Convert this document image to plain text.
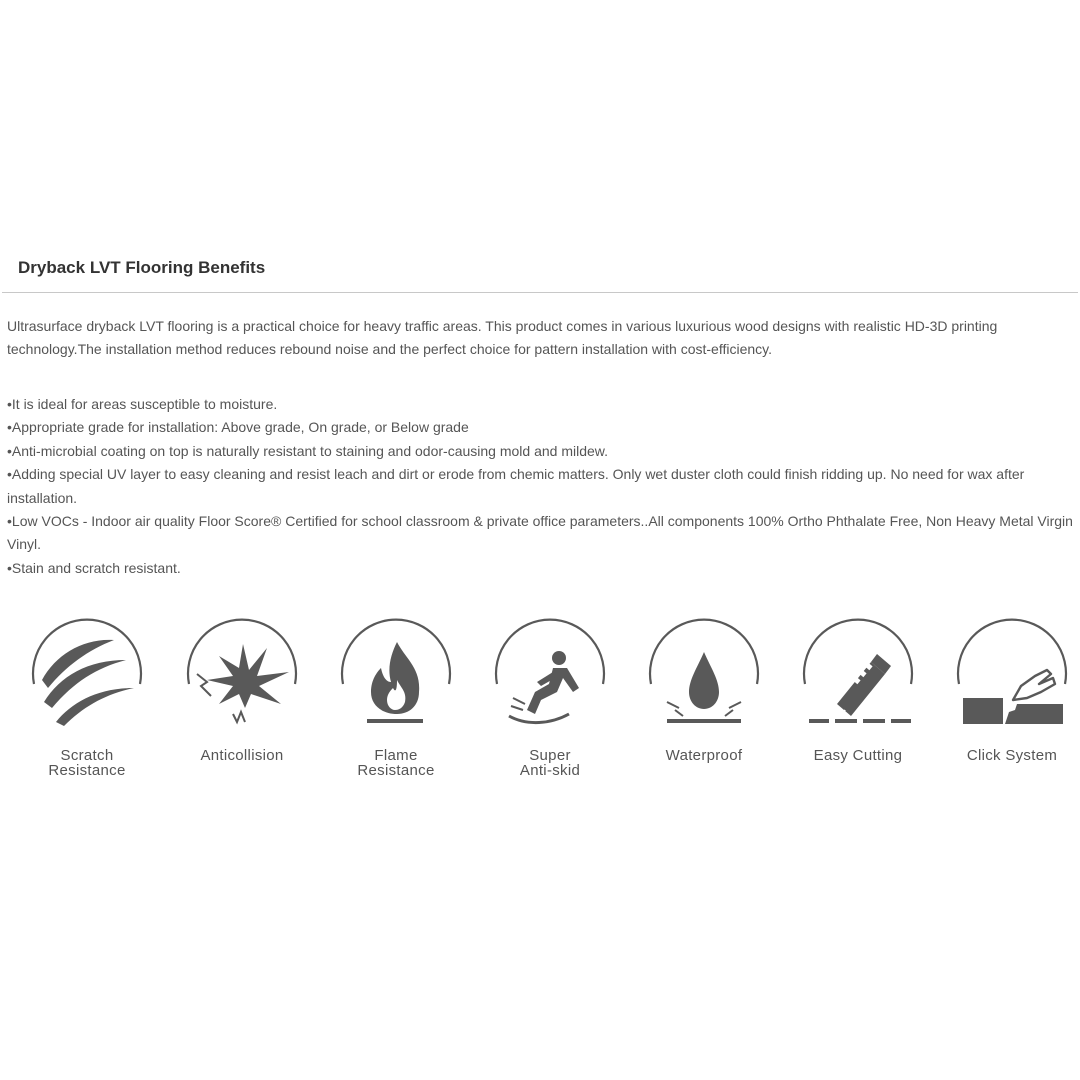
Dryback LVT Flooring Benefits

Ultrasurface dryback LVT flooring is a practical choice for heavy traffic areas. This product comes in various luxurious wood designs with realistic HD-3D printing technology.The installation method reduces rebound noise and the perfect choice for pattern installation with cost-efficiency.

• It is ideal for areas susceptible to moisture.
• Appropriate grade for installation: Above grade, On grade, or Below grade
• Anti-microbial coating on top is naturally resistant to staining and odor-causing mold and mildew.
• Adding special UV layer to easy cleaning and resist leach and dirt or erode from chemic matters. Only wet duster cloth could finish ridding up. No need for wax after installation.
• Low VOCs - Indoor air quality Floor Score® Certified for school classroom & private office parameters..All components 100% Ortho Phthalate Free, Non Heavy Metal Virgin Vinyl.
• Stain and scratch resistant.
Scratch
Resistance
Anticollision	Flame
Resistance
Super
Anti-skid
Waterproof	Easy Cutting	Click System
